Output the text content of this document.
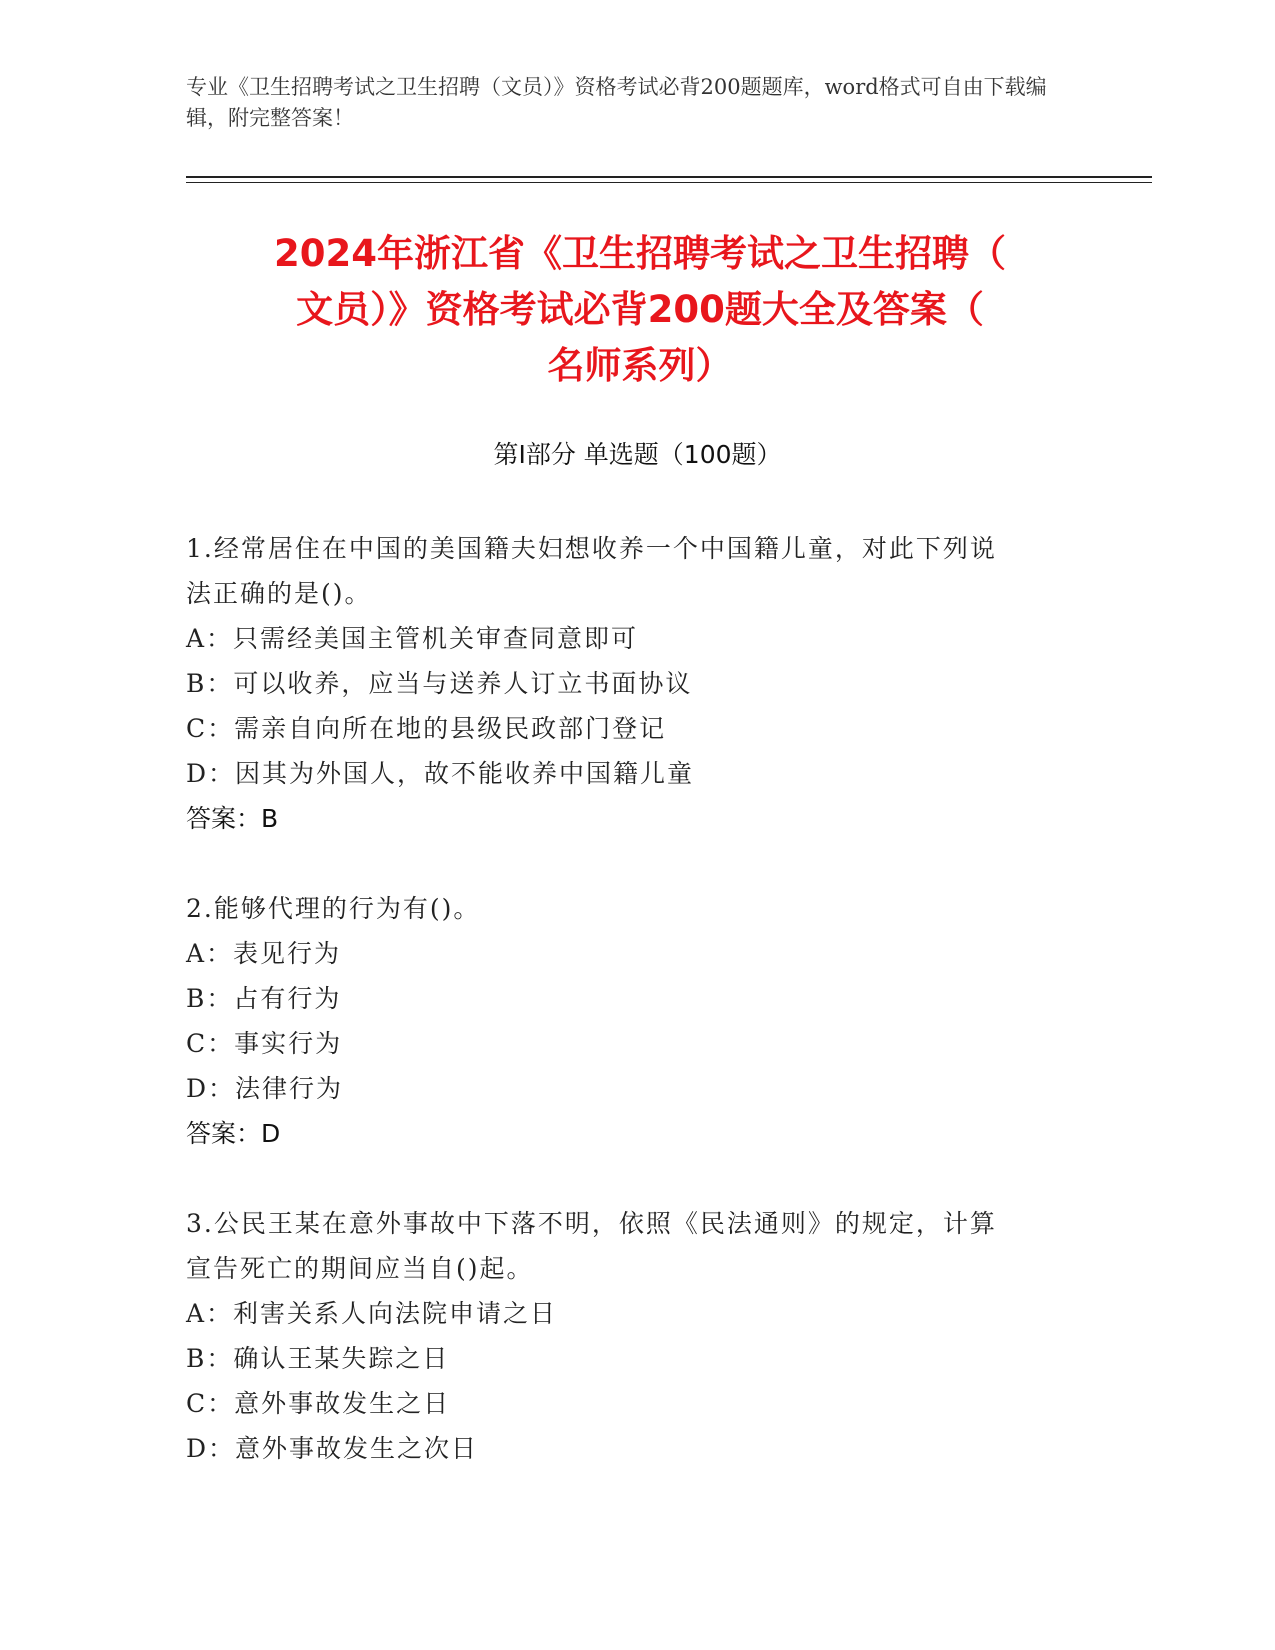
专业《卫生招聘考试之卫生招聘（文员）》资格考试必背200题题库，word格式可自由下载编辑，附完整答案！
2024年浙江省《卫生招聘考试之卫生招聘（
文员）》资格考试必背200题大全及答案（
名师系列）
第Ⅰ部分 单选题（100题）
1.经常居住在中国的美国籍夫妇想收养一个中国籍儿童，对此下列说
法正确的是()。
A：只需经美国主管机关审查同意即可
B：可以收养，应当与送养人订立书面协议
C：需亲自向所在地的县级民政部门登记
D：因其为外国人，故不能收养中国籍儿童
答案：B
2.能够代理的行为有()。
A：表见行为
B：占有行为
C：事实行为
D：法律行为
答案：D
3.公民王某在意外事故中下落不明，依照《民法通则》的规定，计算
宣告死亡的期间应当自()起。
A：利害关系人向法院申请之日
B：确认王某失踪之日
C：意外事故发生之日
D：意外事故发生之次日
